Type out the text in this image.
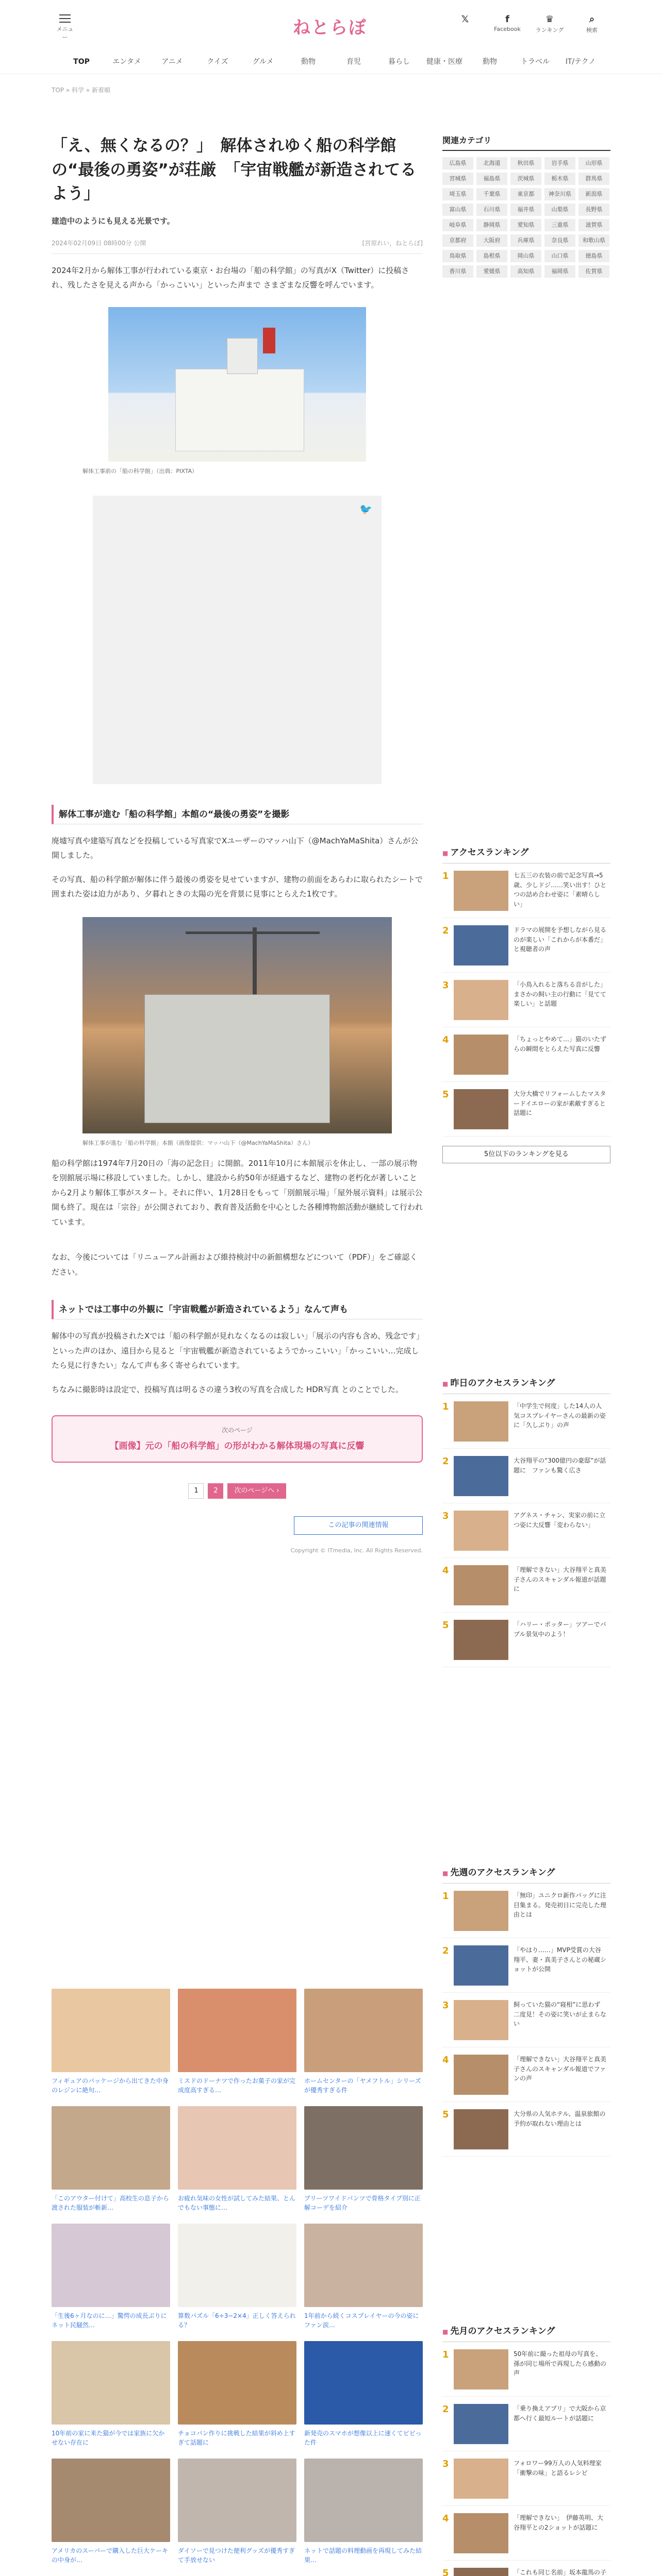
メニュー	ねとらぼ	𝕏	f
Facebook
♛
ランキング
⌕
検索
TOP	エンタメ	アニメ	クイズ	グルメ	動物	育児	暮らし	健康・医療	動物	トラベル	IT/テクノ
TOP » 科学 » 新着順
「え、無くなるの？」　解体されゆく船の科学館の“最後の勇姿”が荘厳　「宇宙戦艦が新造されてるよう」
建造中のようにも見える光景です。
2024年02月09日 08時00分 公開	[宮原れい，ねとらぼ]

2024年2月から解体工事が行われている東京・お台場の「船の科学館」の写真がX（Twitter）に投稿され、残したさを見える声から「かっこいい」といった声まで さまざまな反響を呼んでいます。

解体工事前の「船の科学館」（出典：PIXTA）
🐦
解体工事が進む「船の科学館」本館の“最後の勇姿”を撮影

廃墟写真や建築写真などを投稿している写真家でXユーザーのマッハ山下（@MachYaMaShita）さんが公開しました。

その写真、船の科学館が解体に伴う最後の勇姿を見せていますが、建物の前面をあらわに取られたシートで囲まれた姿は迫力があり、夕暮れときの太陽の光を背景に見事にとらえた1枚です。

解体工事が進む「船の科学館」本館（画像提供：マッハ山下（@MachYaMaShita）さん）

船の科学館は1974年7月20日の「海の記念日」に開館。2011年10月に本館展示を休止し、一部の展示物を別館展示場に移設していました。しかし、建設から約50年が経過するなど、建物の老朽化が著しいことから2月より解体工事がスタート。それに伴い、1月28日をもって「別館展示場」「屋外展示資料」は展示公開も終了。現在は「宗谷」が公開されており、教育普及活動を中心とした各種博物館活動が継続して行われています。

なお、今後については「リニューアル計画および維持検討中の新館構想などについて（PDF）」をご確認ください。

ネットでは工事中の外観に「宇宙戦艦が新造されているよう」なんて声も

解体中の写真が投稿されたXでは「船の科学館が見れなくなるのは寂しい」「展示の内容も含め、残念です」といった声のほか、遠目から見ると「宇宙戦艦が新造されているようでかっこいい」「かっこいい…完成したら見に行きたい」なんて声も多く寄せられています。

ちなみに撮影時は設定で、投稿写真は明るさの違う3枚の写真を合成した HDR写真 とのことでした。

次のページ
【画像】元の「船の科学館」の形がわかる解体現場の写真に反響
1	2	次のページへ ›
この記事の関連情報
Copyright © ITmedia, Inc. All Rights Reserved.
フィギュアのパッケージから出てきた中身のレジンに絶句…
ミスドのドーナツで作ったお菓子の家が完成度高すぎる…
ホームセンターの「ヤメフトル」シリーズが優秀すぎる件
「このアウター付けて」高校生の息子から渡された服装が斬新…
お疲れ気味の女性が試してみた結果、とんでもない事態に…
プリーツワイドパンツで骨格タイプ別に正解コーデを紹介
「生後6ヶ月なのに…」驚愕の成長ぶりにネット民騒然…
算数パズル「6÷3−2×4」正しく答えられる？
1年前から続くコスプレイヤーの今の姿にファン涙…
10年前の家に来た猫が今では家族に欠かせない存在に
チョコパン作りに挑戦した結果が斜め上すぎて話題に
新発売のスマホが想像以上に速くてビビった件
アメリカのスーパーで購入した巨大ケーキの中身が…
ダイソーで見つけた便利グッズが優秀すぎて手放せない
ネットで話題の料理動画を再現してみた結果…
関連カテゴリ
広島県	北海道	秋田県	岩手県	山形県
宮城県	福島県	茨城県	栃木県	群馬県
埼玉県	千葉県	東京都	神奈川県	新潟県
富山県	石川県	福井県	山梨県	長野県
岐阜県	静岡県	愛知県	三重県	滋賀県
京都府	大阪府	兵庫県	奈良県	和歌山県
鳥取県	島根県	岡山県	山口県	徳島県
香川県	愛媛県	高知県	福岡県	佐賀県
■ アクセスランキング
1	七五三の衣装の前で記念写真→5歳、少しドジ……笑い出す！ひとつの詰め合わせ姿に「素晴らしい」
2	ドラマの展開を予想しながら見るのが楽しい「これからが本番だ」と視聴者の声
3	「小鳥入れると落ちる音がした」まさかの飼い主の行動に「見てて楽しい」と話題
4	「ちょっとやめて…」猫のいたずらの瞬間をとらえた写真に反響
5	大分大橋でリフォームしたマスタードイエローの家が素敵すぎると話題に
5位以下のランキングを見る
■ 昨日のアクセスランキング
1	「中学生で何度」した14人の人気コスプレイヤーさんの最新の姿に「久しぶり」の声
2	大谷翔平の“300億円の豪邸”が話題に　ファンも驚く広さ
3	アグネス・チャン、実家の前に立つ姿に大反響「変わらない」
4	「理解できない」大谷翔平と真美子さんのスキャンダル報道が話題に
5	「ハリー・ポッター」ツアーでバブル景気中のよう！
■ 先週のアクセスランキング
1	「無印」ユニクロ新作バッグに注目集まる。発売初日に完売した理由とは
2	「やはり……」MVP受賞の大谷翔平、妻・真美子さんとの秘蔵ショットが公開
3	飼っていた猫の“寝相”に思わず二度見！その姿に笑いが止まらない
4	「理解できない」大谷翔平と真美子さんのスキャンダル報道でファンの声
5	大分県の人気ホテル、温泉旅館の予約が取れない理由とは
■ 先月のアクセスランキング
1	50年前に撮った祖母の写真を、孫が同じ場所で再現したら感動の声
2	「乗り換えアプリ」で大阪から京都へ行く最短ルートが話題に
3	フォロワー99万人の人気料理家「衝撃の味」と語るレシピ
4	「理解できない」　伊藤英明、大谷翔平との2ショットが話題に
5	「これも同じ名前」坂本龍馬の子
